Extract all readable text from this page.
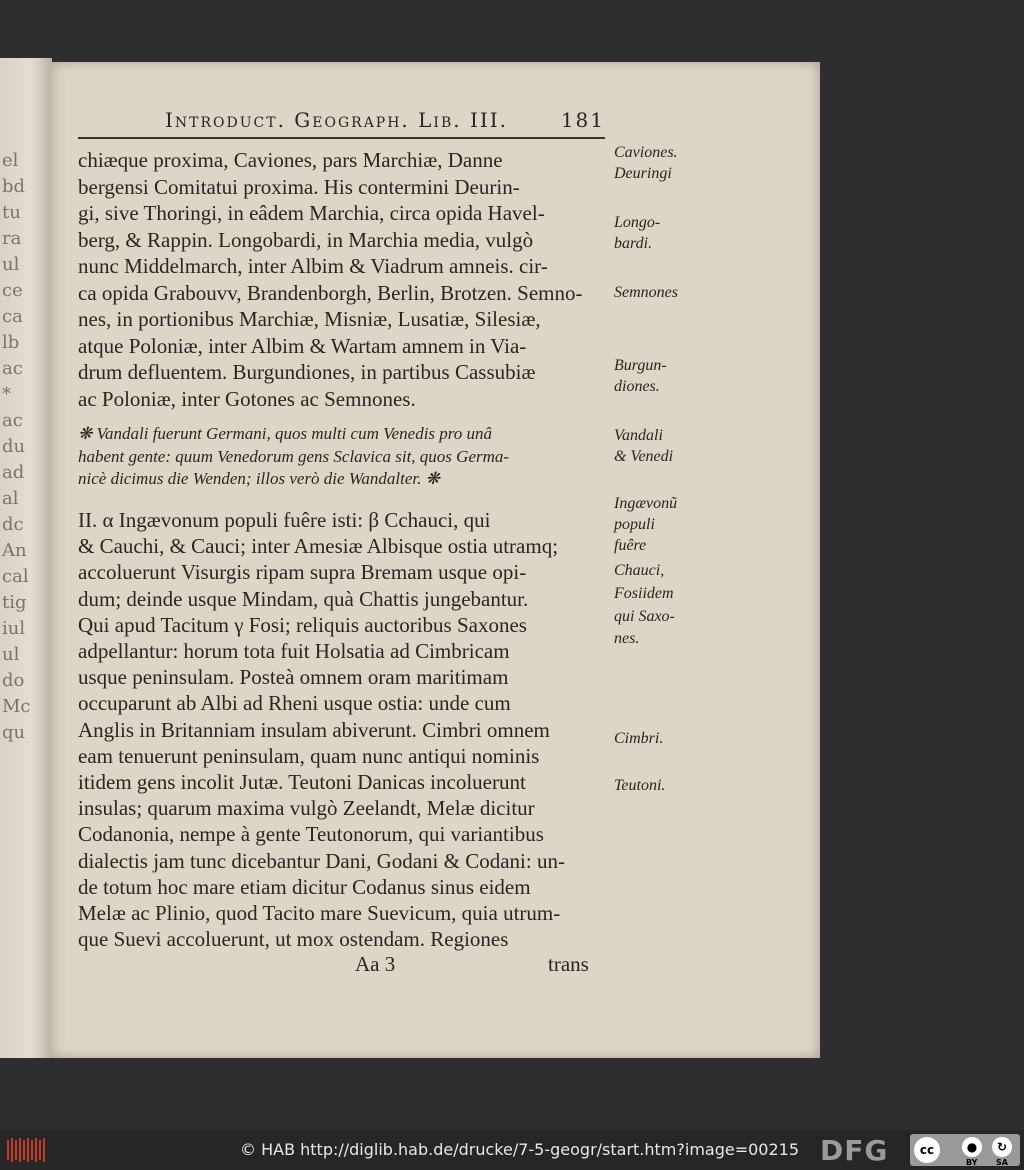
Introduct. Geograph. Lib. III.	181
chiæque proxima, Caviones, pars Marchiæ, Danne
bergensi Comitatui proxima. His contermini Deurin-
gi, sive Thoringi, in eâdem Marchia, circa opida Havel-
berg, & Rappin. Longobardi, in Marchia media, vulgò
nunc Middelmarch, inter Albim & Viadrum amneis. cir-
ca opida Grabouvv, Brandenborgh, Berlin, Brotzen. Semno-
nes, in portionibus Marchiæ, Misniæ, Lusatiæ, Silesiæ,
atque Poloniæ, inter Albim & Wartam amnem in Via-
drum defluentem. Burgundiones, in partibus Cassubiæ
ac Poloniæ, inter Gotones ac Semnones.
❋ Vandali fuerunt Germani, quos multi cum Venedis pro unâ
habent gente: quum Venedorum gens Sclavica sit, quos Germa-
nicè dicimus die Wenden; illos verò die Wandalter. ❋
II. α Ingævonum populi fuêre isti: β Cchauci, qui
& Cauchi, & Cauci; inter Amesiæ Albisque ostia utramq;
accoluerunt Visurgis ripam supra Bremam usque opi-
dum; deinde usque Mindam, quà Chattis jungebantur.
Qui apud Tacitum γ Fosi; reliquis auctoribus Saxones
adpellantur: horum tota fuit Holsatia ad Cimbricam
usque peninsulam. Posteà omnem oram maritimam
occuparunt ab Albi ad Rheni usque ostia: unde cum
Anglis in Britanniam insulam abiverunt. Cimbri omnem
eam tenuerunt peninsulam, quam nunc antiqui nominis
itidem gens incolit Jutæ. Teutoni Danicas incoluerunt
insulas; quarum maxima vulgò Zeelandt, Melæ dicitur
Codanonia, nempe à gente Teutonorum, qui variantibus
dialectis jam tunc dicebantur Dani, Godani & Codani: un-
de totum hoc mare etiam dicitur Codanus sinus eidem
Melæ ac Plinio, quod Tacito mare Suevicum, quia utrum-
que Suevi accoluerunt, ut mox ostendam. Regiones
Aa 3	trans
Caviones.
Deuringi
Longo-
bardi.
Semnones
Burgun-
diones.
Vandali
& Venedi
Ingævonũ
populi
fuêre
Chauci,
Fosiidem
qui Saxo-
nes.
Cimbri.
Teutoni.
el
bd
tu
ra
ul
ce
ca
lb
ac
*
ac
du
ad
al
dc
An
cal
tig
iul
ul
do
Mc
qu
© HAB http://diglib.hab.de/drucke/7-5-geogr/start.htm?image=00215 DFG	cc	●	↻
BY SA
